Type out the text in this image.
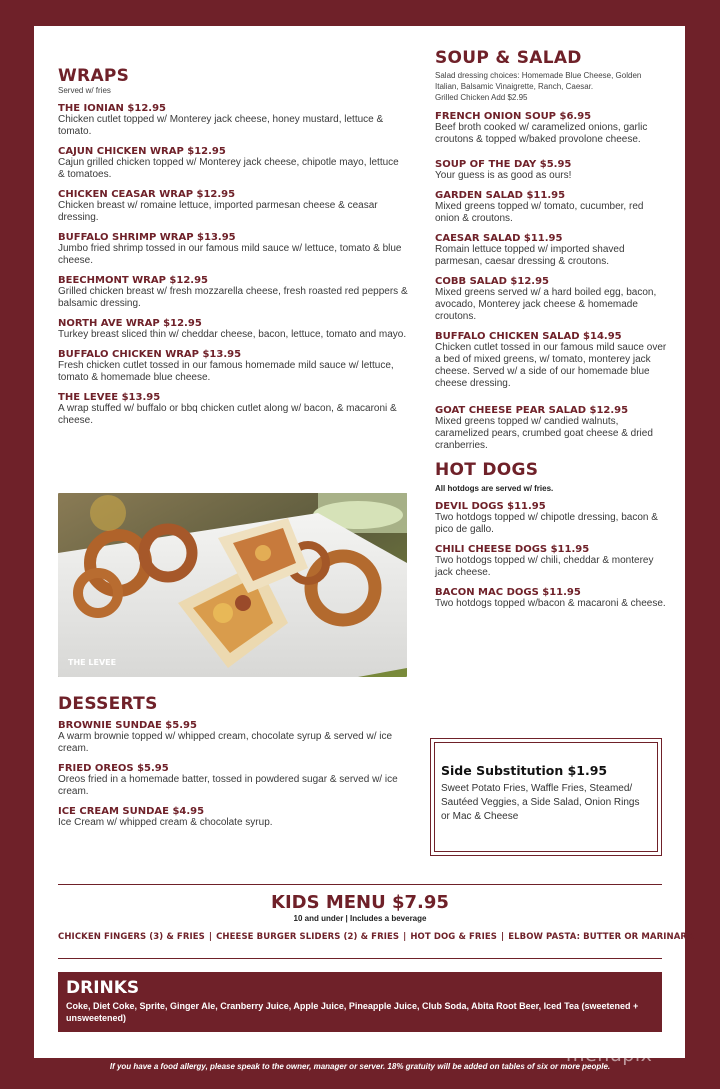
WRAPS
Served w/ fries
THE IONIAN $12.95
Chicken cutlet topped w/ Monterey jack cheese, honey mustard, lettuce & tomato.
CAJUN CHICKEN WRAP $12.95
Cajun grilled chicken topped w/ Monterey jack cheese, chipotle mayo, lettuce & tomatoes.
CHICKEN CEASAR WRAP $12.95
Chicken breast w/ romaine lettuce, imported parmesan cheese & ceasar dressing.
BUFFALO SHRIMP WRAP $13.95
Jumbo fried shrimp tossed in our famous mild sauce w/ lettuce, tomato & blue cheese.
BEECHMONT WRAP $12.95
Grilled chicken breast w/ fresh mozzarella cheese, fresh roasted red peppers & balsamic dressing.
NORTH AVE WRAP $12.95
Turkey breast sliced thin w/ cheddar cheese, bacon, lettuce, tomato and mayo.
BUFFALO CHICKEN WRAP $13.95
Fresh chicken cutlet tossed in our famous homemade mild sauce w/ lettuce, tomato & homemade blue cheese.
THE LEVEE $13.95
A wrap stuffed w/ buffalo or bbq chicken cutlet along w/ bacon, & macaroni & cheese.
THE LEVEE
DESSERTS
BROWNIE SUNDAE $5.95
A warm brownie topped w/ whipped cream, chocolate syrup & served w/ ice cream.
FRIED OREOS $5.95
Oreos fried in a homemade batter, tossed in powdered sugar & served w/ ice cream.
ICE CREAM SUNDAE $4.95
Ice Cream w/ whipped cream & chocolate syrup.
SOUP & SALAD
Salad dressing choices: Homemade Blue Cheese, Golden Italian, Balsamic Vinaigrette, Ranch, Caesar.
Grilled Chicken Add $2.95
FRENCH ONION SOUP $6.95
Beef broth cooked w/ caramelized onions, garlic croutons & topped w/baked provolone cheese.
SOUP OF THE DAY $5.95
Your guess is as good as ours!
GARDEN SALAD $11.95
Mixed greens topped w/ tomato, cucumber, red onion & croutons.
CAESAR SALAD $11.95
Romain lettuce topped w/ imported shaved parmesan, caesar dressing & croutons.
COBB SALAD $12.95
Mixed greens served w/ a hard boiled egg, bacon, avocado, Monterey jack cheese & homemade croutons.
BUFFALO CHICKEN SALAD $14.95
Chicken cutlet tossed in our famous mild sauce over a bed of mixed greens, w/ tomato, monterey jack cheese. Served w/ a side of our homemade blue cheese dressing.
GOAT CHEESE PEAR SALAD $12.95
Mixed greens topped w/ candied walnuts, caramelized pears, crumbed goat cheese & dried cranberries.
HOT DOGS
All hotdogs are served w/ fries.
DEVIL DOGS $11.95
Two hotdogs topped w/ chipotle dressing, bacon & pico de gallo.
CHILI CHEESE DOGS $11.95
Two hotdogs topped w/ chili, cheddar & monterey jack cheese.
BACON MAC DOGS $11.95
Two hotdogs topped w/bacon & macaroni & cheese.
Side Substitution $1.95
Sweet Potato Fries, Waffle Fries, Steamed/ Sautéed Veggies, a Side Salad, Onion Rings or Mac & Cheese
KIDS MENU $7.95
10 and under | Includes a beverage
CHICKEN FINGERS (3) & FRIES | CHEESE BURGER SLIDERS (2) & FRIES | HOT DOG & FRIES | ELBOW PASTA: BUTTER OR MARINARA
DRINKS
Coke, Diet Coke, Sprite, Ginger Ale, Cranberry Juice, Apple Juice, Pineapple Juice, Club Soda, Abita Root Beer, Iced Tea (sweetened + unsweetened)
If you have a food allergy, please speak to the owner, manager or server. 18% gratuity will be added on tables of six or more people.
menupix
